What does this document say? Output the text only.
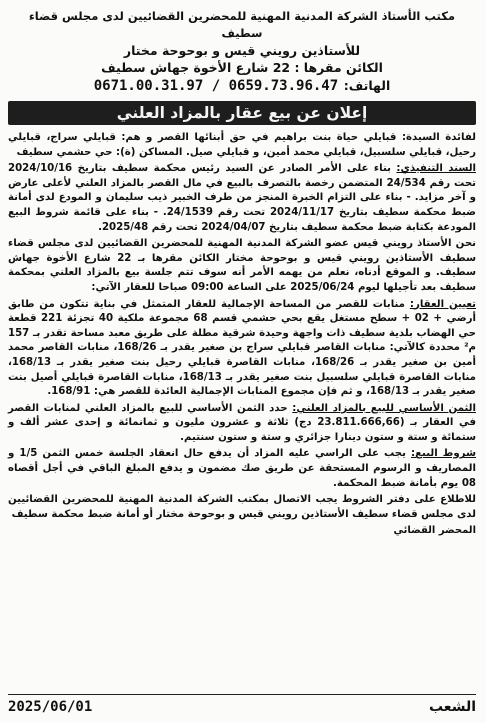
مكتب الأستاذ الشركة المدنية المهنية للمحضرين القضائيين لدى مجلس قضاء سطيف
للأستاذين رويني قيس و بوحوحة مختار
الكائن مقرها : 22 شارع الأخوة جهاش سطيف
الهاتف: 0659.73.96.47 / 0671.00.31.97
إعلان عن بيع عقار بالمزاد العلني

لفائدة السيدة: قبايلي حياة بنت براهيم في حق أبنائها القصر و هم: قبايلي سراج، قبايلي رحيل، قبايلي سلسبيل، قبايلي محمد أمين، و قبايلي صيل. المساكن (ة): حي حشمي سطيف

السند التنفيذي: بناء على الأمر الصادر عن السيد رئيس محكمة سطيف بتاريخ 2024/10/16 تحت رقم 24/534 المتضمن رخصة بالتصرف بالبيع في مال القصر بالمزاد العلني لأعلى عارض و آخر مزايد. - بناء على التزام الخبرة المنجز من طرف الخبير ذيب سليمان و المودع لدى أمانة ضبط محكمة سطيف بتاريخ 2024/11/17 تحت رقم 24/1539. - بناء على قائمة شروط البيع المودعة بكتابة ضبط محكمة سطيف بتاريخ 2024/04/07 تحت رقم 2025/48.

نحن الأستاذ رويني قيس عضو الشركة المدنية المهنية للمحضرين القضائيين لدى مجلس قضاء سطيف الأستاذين رويني قيس و بوحوحة مختار الكائن مقرها بـ 22 شارع الأخوة جهاش سطيف. و الموقع أدناه، نعلم من يهمه الأمر أنه سوف تتم جلسة بيع بالمزاد العلني بمحكمة سطيف بعد تأجيلها ليوم 2025/06/24 على الساعة 09:00 صباحا للعقار الآتي:

تعيين العقار: منابات للقصر من المساحة الإجمالية للعقار المتمثل في بناية تتكون من طابق أرضي + 02 + سطح مستغل يقع بحي حشمي قسم 68 مجموعة ملكية 40 تجزئة 221 قطعة حي الهضاب بلدية سطيف ذات واجهة وحيدة شرقية مطلة على طريق معبد مساحة تقدر بـ 157 م² محددة كالآتي: منابات القاصر قبايلي سراج بن صغير يقدر بـ 168/26، منابات القاصر محمد أمين بن صغير يقدر بـ 168/26، منابات القاصرة قبايلي رحيل بنت صغير يقدر بـ 168/13، منابات القاصرة قبايلي سلسبيل بنت صغير يقدر بـ 168/13، منابات القاصرة قبايلي أصيل بنت صغير يقدر بـ 168/13، و ثم فإن مجموع المنابات الإجمالية العائدة للقصر هي: 168/91.

الثمن الأساسي للبيع بالمزاد العلني: حدد الثمن الأساسي للبيع بالمزاد العلني لمنابات القصر في العقار بـ (23.811.666,66 دج) ثلاثة و عشرون مليون و ثمانمائة و إحدى عشر ألف و ستمائة و ستة و ستون دينارا جزائري و ستة و ستون سنتيم.

شروط البيع: يجب على الراسي عليه المزاد أن يدفع حال انعقاد الجلسة خمس الثمن 1/5 و المصاريف و الرسوم المستحقة عن طريق صك مضمون و يدفع المبلغ الباقي في أجل أقصاه 08 يوم بأمانة ضبط المحكمة.

للاطلاع على دفتر الشروط يجب الاتصال بمكتب الشركة المدنية المهنية للمحضرين القضائيين لدى مجلس قضاء سطيف الأستاذين رويني قيس و بوحوحة مختار أو أمانة ضبط محكمة سطيف

المحضر القضائي
الشعب
2025/06/01
